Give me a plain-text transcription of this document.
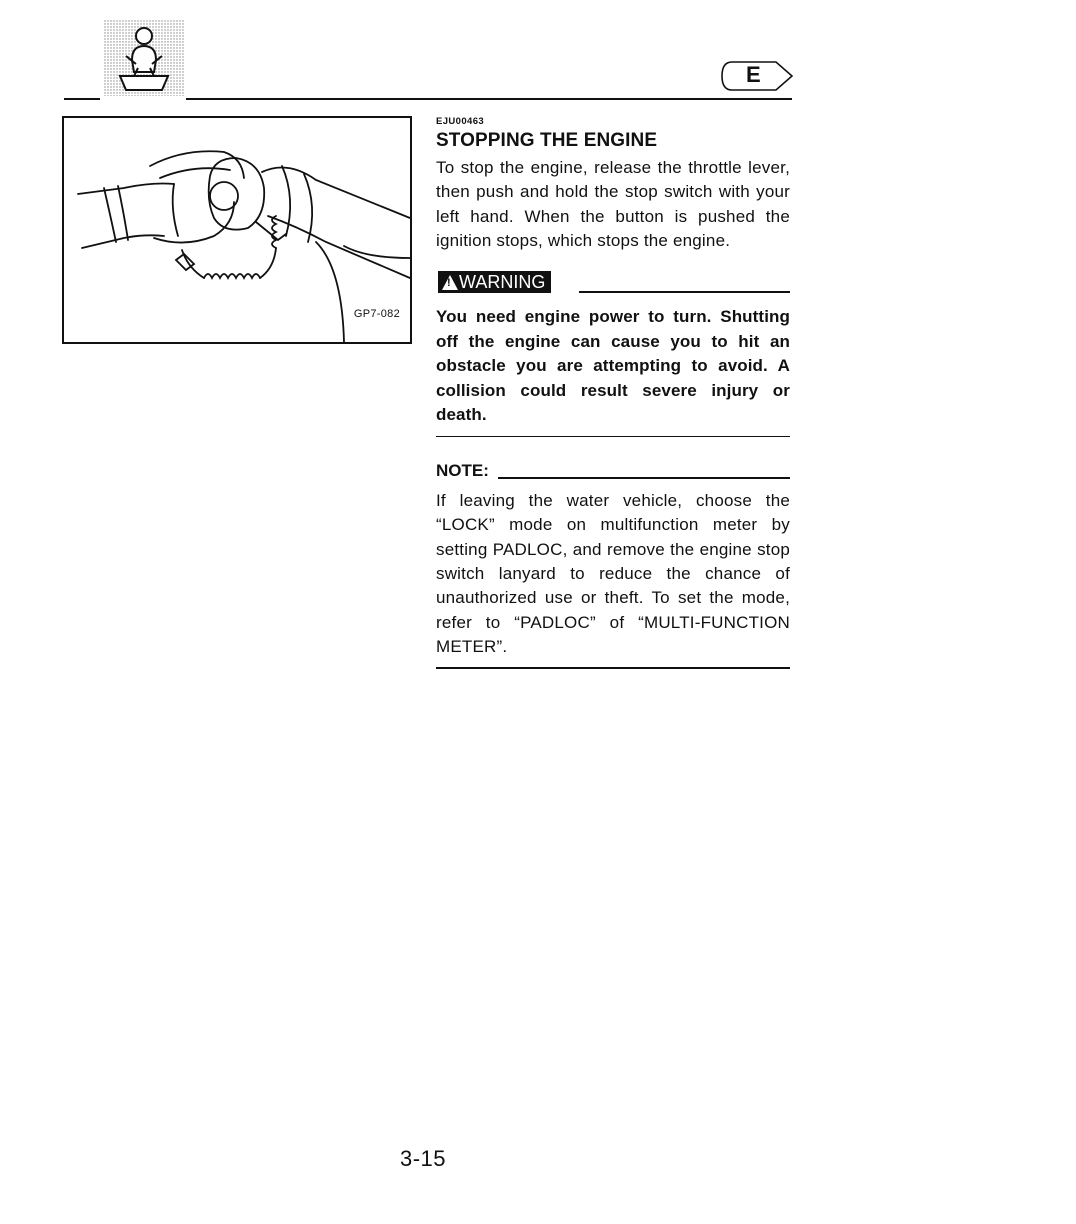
E
GP7-082

EJU00463

STOPPING THE ENGINE

To stop the engine, release the throttle lever, then push and hold the stop switch with your left hand. When the button is pushed the ignition stops, which stops the engine.

!
WARNING

You need engine power to turn. Shutting off the engine can cause you to hit an obstacle you are attempting to avoid. A collision could result severe injury or death.

NOTE:

If leaving the water vehicle, choose the “LOCK” mode on multifunction meter by setting PADLOC, and remove the engine stop switch lanyard to reduce the chance of unauthorized use or theft. To set the mode, refer to “PADLOC” of “MULTI-FUNCTION METER”.

3-15
